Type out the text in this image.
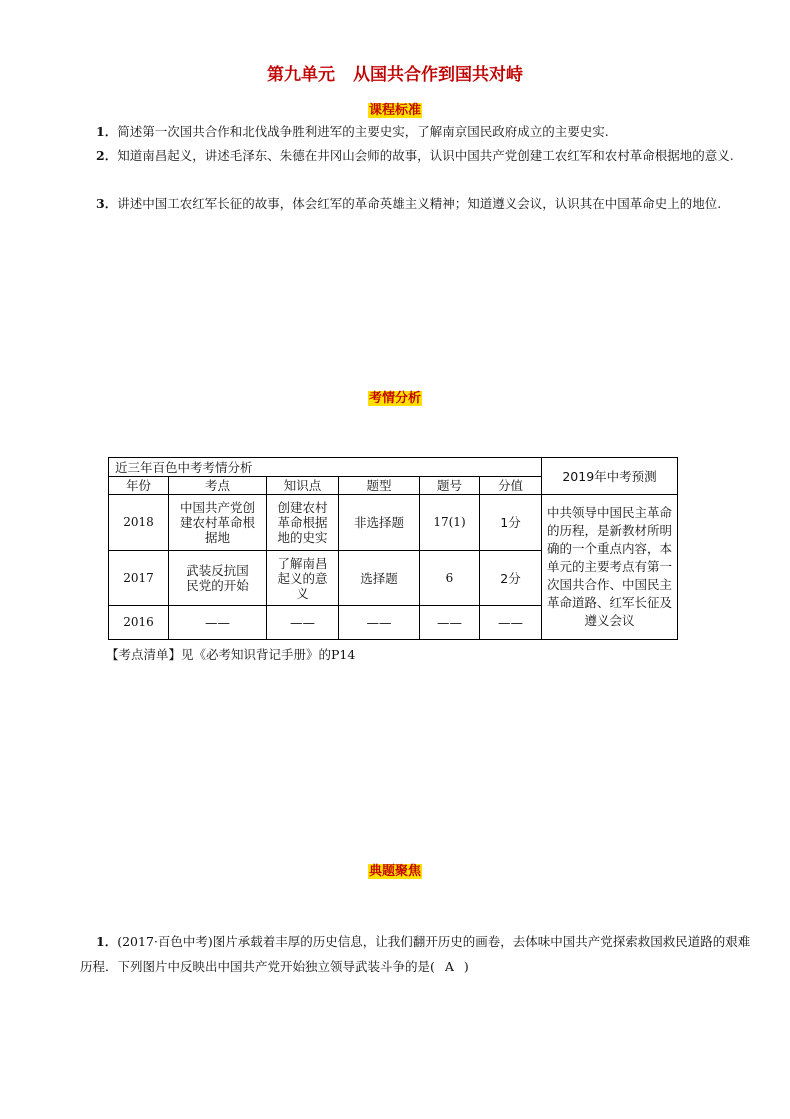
第九单元 从国共合作到国共对峙
课程标准
1．简述第一次国共合作和北伐战争胜利进军的主要史实，了解南京国民政府成立的主要史实.
2．知道南昌起义，讲述毛泽东、朱德在井冈山会师的故事，认识中国共产党创建工农红军和农村革命根据地的意义.
3．讲述中国工农红军长征的故事，体会红军的革命英雄主义精神；知道遵义会议，认识其在中国革命史上的地位.
考情分析
近三年百色中考考情分析						2019年中考预测
年份	考点	知识点	题型	题号	分值	
2018	中国共产党创建农村革命根据地	创建农村革命根据地的史实	非选择题	17(1)	1分	中共领导中国民主革命的历程，是新教材所明确的一个重点内容，本单元的主要考点有第一次国共合作、中国民主革命道路、红军长征及遵义会议
2017	武装反抗国民党的开始	了解南昌起义的意义	选择题	6	2分	
2016	——	——	——	——	——	
【考点清单】见《必考知识背记手册》的P14
典题聚焦
1．(2017·百色中考)图片承载着丰厚的历史信息，让我们翻开历史的画卷，去体味中国共产党探索救国救民道路的艰难历程．下列图片中反映出中国共产党开始独立领导武装斗争的是( A )
